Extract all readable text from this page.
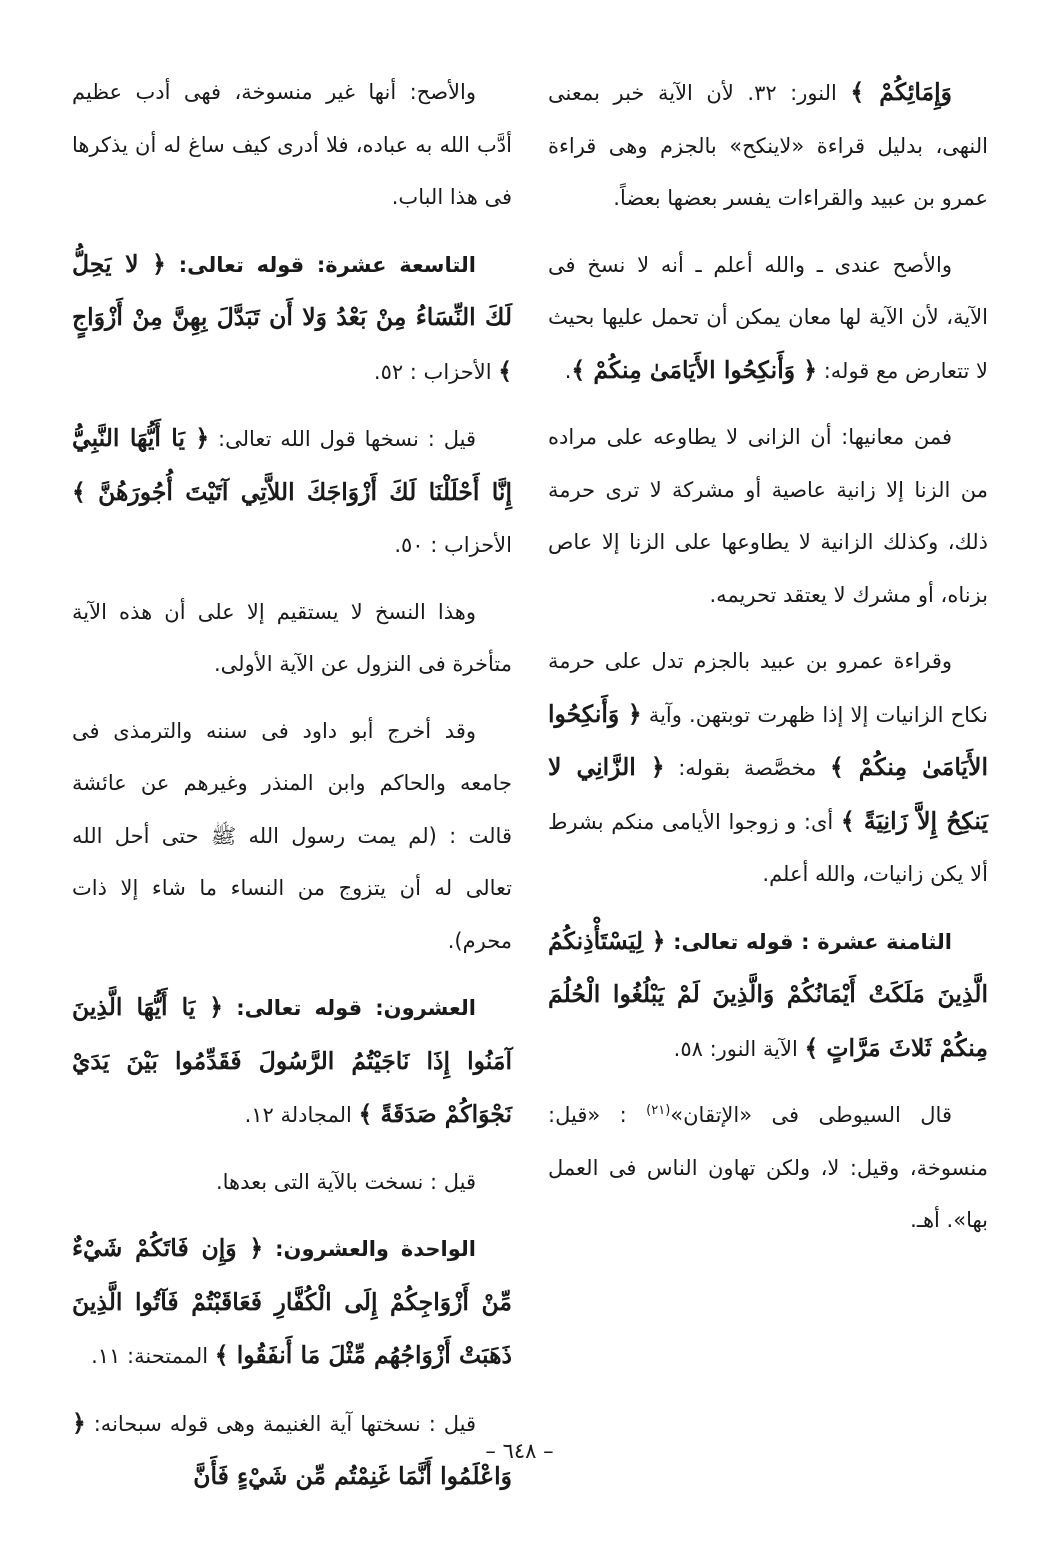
وَإِمَائِكُمْ ﴾ النور: ٣٢. لأن الآية خبر بمعنى النهى، بدليل قراءة «لاينكح» بالجزم وهى قراءة عمرو بن عبيد والقراءات يفسر بعضها بعضاً.

والأصح عندى ـ والله أعلم ـ أنه لا نسخ فى الآية، لأن الآية لها معان يمكن أن تحمل عليها بحيث لا تتعارض مع قوله: ﴿ وَأَنكِحُوا الأَيَامَىٰ مِنكُمْ ﴾.

فمن معانيها: أن الزانى لا يطاوعه على مراده من الزنا إلا زانية عاصية أو مشركة لا ترى حرمة ذلك، وكذلك الزانية لا يطاوعها على الزنا إلا عاص بزناه، أو مشرك لا يعتقد تحريمه.

وقراءة عمرو بن عبيد بالجزم تدل على حرمة نكاح الزانيات إلا إذا ظهرت توبتهن. وآية ﴿ وَأَنكِحُوا الأَيَامَىٰ مِنكُمْ ﴾ مخصَّصة بقوله: ﴿ الزَّانِي لا يَنكِحُ إِلاَّ زَانِيَةً ﴾ أى: و زوجوا الأيامى منكم بشرط ألا يكن زانيات، والله أعلم.

الثامنة عشرة : قوله تعالى: ﴿ لِيَسْتَأْذِنكُمُ الَّذِينَ مَلَكَتْ أَيْمَانُكُمْ وَالَّذِينَ لَمْ يَبْلُغُوا الْحُلُمَ مِنكُمْ ثَلاثَ مَرَّاتٍ ﴾ الآية النور: ٥٨.

قال السيوطى فى «الإتقان»$^{(٢١)}$ : «قيل: منسوخة، وقيل: لا، ولكن تهاون الناس فى العمل بها». أهـ.

والأصح: أنها غير منسوخة، فهى أدب عظيم أدَّب الله به عباده، فلا أدرى كيف ساغ له أن يذكرها فى هذا الباب.

التاسعة عشرة: قوله تعالى: ﴿ لا يَحِلُّ لَكَ النِّسَاءُ مِنْ بَعْدُ وَلا أَن تَبَدَّلَ بِهِنَّ مِنْ أَزْوَاجٍ ﴾ الأحزاب : ٥٢.

قيل : نسخها قول الله تعالى: ﴿ يَا أَيُّهَا النَّبِيُّ إِنَّا أَحْلَلْنَا لَكَ أَزْوَاجَكَ اللاَّتِي آتَيْتَ أُجُورَهُنَّ ﴾ الأحزاب : ٥٠.

وهذا النسخ لا يستقيم إلا على أن هذه الآية متأخرة فى النزول عن الآية الأولى.

وقد أخرج أبو داود فى سننه والترمذى فى جامعه والحاكم وابن المنذر وغيرهم عن عائشة قالت : (لم يمت رسول الله ﷺ حتى أحل الله تعالى له أن يتزوج من النساء ما شاء إلا ذات محرم).

العشرون: قوله تعالى: ﴿ يَا أَيُّهَا الَّذِينَ آمَنُوا إِذَا نَاجَيْتُمُ الرَّسُولَ فَقَدِّمُوا بَيْنَ يَدَيْ نَجْوَاكُمْ صَدَقَةً ﴾ المجادلة ١٢.

قيل : نسخت بالآية التى بعدها.

الواحدة والعشرون: ﴿ وَإِن فَاتَكُمْ شَيْءٌ مِّنْ أَزْوَاجِكُمْ إِلَى الْكُفَّارِ فَعَاقَبْتُمْ فَآتُوا الَّذِينَ ذَهَبَتْ أَزْوَاجُهُم مِّثْلَ مَا أَنفَقُوا ﴾ الممتحنة: ١١.

قيل : نسختها آية الغنيمة وهى قوله سبحانه: ﴿ وَاعْلَمُوا أَنَّمَا غَنِمْتُم مِّن شَيْءٍ فَأَنَّ

– ٦٤٨ –
